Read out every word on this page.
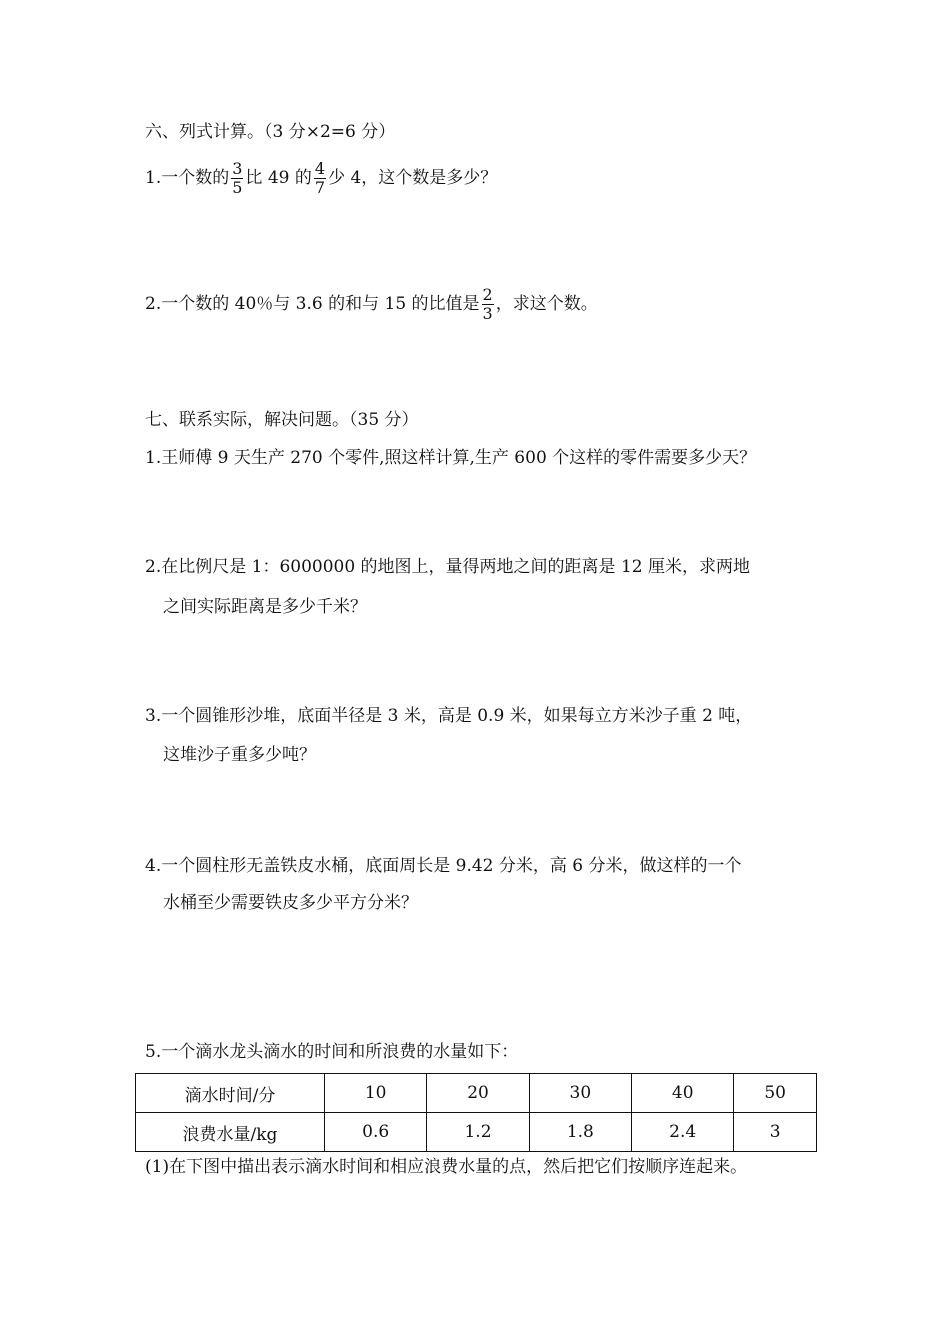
六、列式计算。（3 分×2=6 分）
1.一个数的 $\frac{3}{5}$ 比 49 的 $\frac{4}{7}$ 少 4，这个数是多少？
2.一个数的 40％与 3.6 的和与 15 的比值是 $\frac{2}{3}$ ，求这个数。
七、联系实际，解决问题。（35 分）
1.王师傅 9 天生产 270 个零件,照这样计算,生产 600 个这样的零件需要多少天？
2.在比例尺是 1：6000000 的地图上，量得两地之间的距离是 12 厘米，求两地
之间实际距离是多少千米？
3.一个圆锥形沙堆，底面半径是 3 米，高是 0.9 米，如果每立方米沙子重 2 吨，
这堆沙子重多少吨？
4.一个圆柱形无盖铁皮水桶，底面周长是 9.42 分米，高 6 分米，做这样的一个
水桶至少需要铁皮多少平方分米？
5.一个滴水龙头滴水的时间和所浪费的水量如下：
滴水时间/分	10	20	30	40	50
浪费水量/kg	0.6	1.2	1.8	2.4	3
(1)在下图中描出表示滴水时间和相应浪费水量的点，然后把它们按顺序连起来。
